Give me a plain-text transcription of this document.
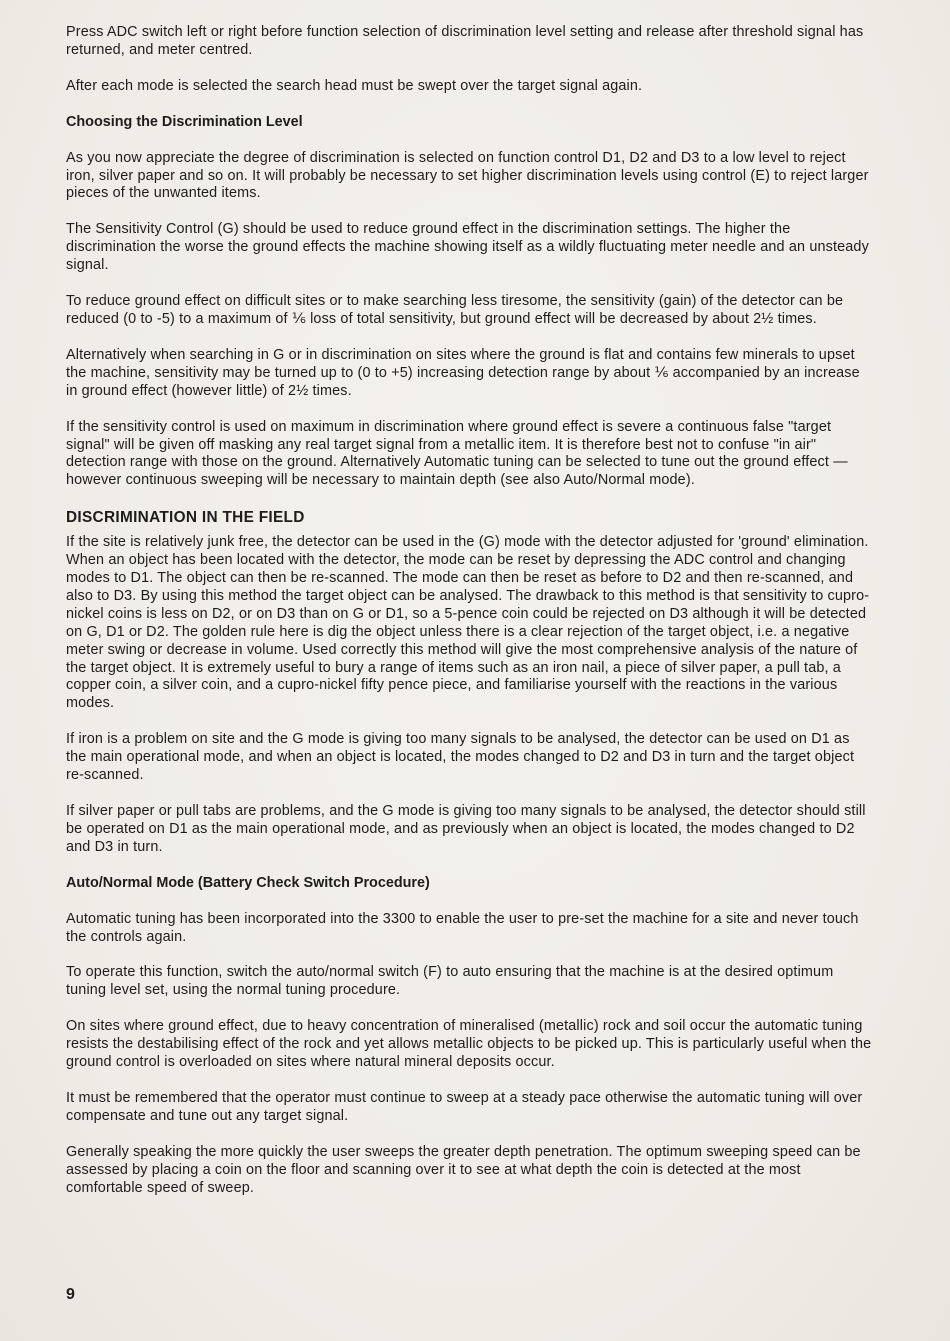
Press ADC switch left or right before function selection of discrimination level setting and release after threshold signal has returned, and meter centred.

After each mode is selected the search head must be swept over the target signal again.

Choosing the Discrimination Level

As you now appreciate the degree of discrimination is selected on function control D1, D2 and D3 to a low level to reject iron, silver paper and so on. It will probably be necessary to set higher discrimination levels using control (E) to reject larger pieces of the unwanted items.

The Sensitivity Control (G) should be used to reduce ground effect in the discrimination settings. The higher the discrimination the worse the ground effects the machine showing itself as a wildly fluctuating meter needle and an unsteady signal.

To reduce ground effect on difficult sites or to make searching less tiresome, the sensitivity (gain) of the detector can be reduced (0 to -5) to a maximum of ⅙ loss of total sensitivity, but ground effect will be decreased by about 2½ times.

Alternatively when searching in G or in discrimination on sites where the ground is flat and contains few minerals to upset the machine, sensitivity may be turned up to (0 to +5) increasing detection range by about ⅙ accompanied by an increase in ground effect (however little) of 2½ times.

If the sensitivity control is used on maximum in discrimination where ground effect is severe a continuous false "target signal" will be given off masking any real target signal from a metallic item. It is therefore best not to confuse "in air" detection range with those on the ground. Alternatively Automatic tuning can be selected to tune out the ground effect — however continuous sweeping will be necessary to maintain depth (see also Auto/Normal mode).

DISCRIMINATION IN THE FIELD

If the site is relatively junk free, the detector can be used in the (G) mode with the detector adjusted for 'ground' elimination. When an object has been located with the detector, the mode can be reset by depressing the ADC control and changing modes to D1. The object can then be re-scanned. The mode can then be reset as before to D2 and then re-scanned, and also to D3. By using this method the target object can be analysed. The drawback to this method is that sensitivity to cupro-nickel coins is less on D2, or on D3 than on G or D1, so a 5-pence coin could be rejected on D3 although it will be detected on G, D1 or D2. The golden rule here is dig the object unless there is a clear rejection of the target object, i.e. a negative meter swing or decrease in volume. Used correctly this method will give the most comprehensive analysis of the nature of the target object. It is extremely useful to bury a range of items such as an iron nail, a piece of silver paper, a pull tab, a copper coin, a silver coin, and a cupro-nickel fifty pence piece, and familiarise yourself with the reactions in the various modes.

If iron is a problem on site and the G mode is giving too many signals to be analysed, the detector can be used on D1 as the main operational mode, and when an object is located, the modes changed to D2 and D3 in turn and the target object re-scanned.

If silver paper or pull tabs are problems, and the G mode is giving too many signals to be analysed, the detector should still be operated on D1 as the main operational mode, and as previously when an object is located, the modes changed to D2 and D3 in turn.

Auto/Normal Mode (Battery Check Switch Procedure)

Automatic tuning has been incorporated into the 3300 to enable the user to pre-set the machine for a site and never touch the controls again.

To operate this function, switch the auto/normal switch (F) to auto ensuring that the machine is at the desired optimum tuning level set, using the normal tuning procedure.

On sites where ground effect, due to heavy concentration of mineralised (metallic) rock and soil occur the automatic tuning resists the destabilising effect of the rock and yet allows metallic objects to be picked up. This is particularly useful when the ground control is overloaded on sites where natural mineral deposits occur.

It must be remembered that the operator must continue to sweep at a steady pace otherwise the automatic tuning will over compensate and tune out any target signal.

Generally speaking the more quickly the user sweeps the greater depth penetration. The optimum sweeping speed can be assessed by placing a coin on the floor and scanning over it to see at what depth the coin is detected at the most comfortable speed of sweep.

9
